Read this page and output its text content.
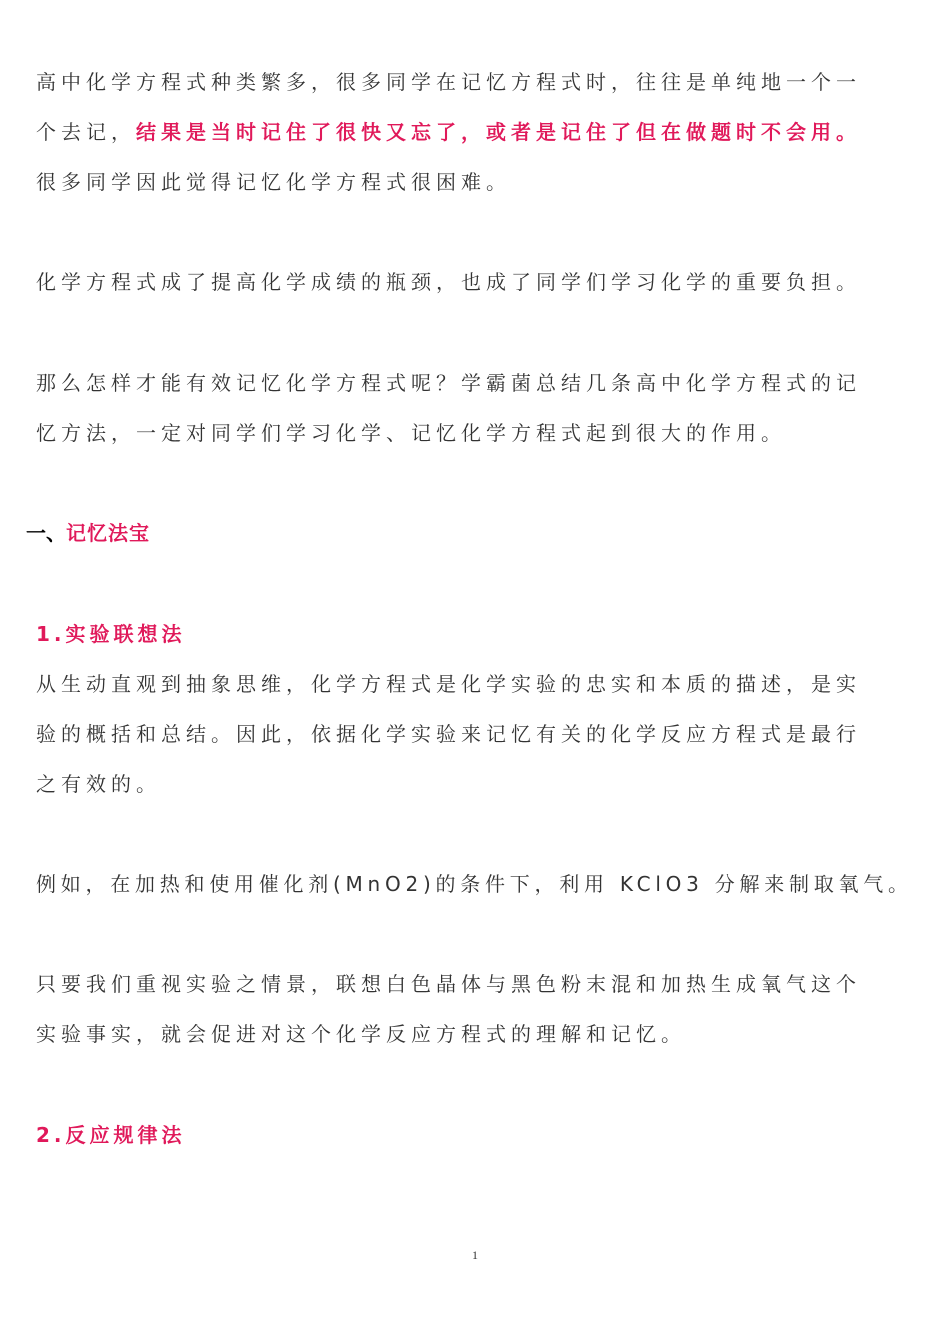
高中化学方程式种类繁多，很多同学在记忆方程式时，往往是单纯地一个一
个去记，结果是当时记住了很快又忘了，或者是记住了但在做题时不会用。
很多同学因此觉得记忆化学方程式很困难。
化学方程式成了提高化学成绩的瓶颈，也成了同学们学习化学的重要负担。
那么怎样才能有效记忆化学方程式呢？学霸菌总结几条高中化学方程式的记
忆方法，一定对同学们学习化学、记忆化学方程式起到很大的作用。
一、记忆法宝
1.实验联想法
从生动直观到抽象思维，化学方程式是化学实验的忠实和本质的描述，是实
验的概括和总结。因此，依据化学实验来记忆有关的化学反应方程式是最行
之有效的。
例如，在加热和使用催化剂(MnO2)的条件下，利用 KClO3 分解来制取氧气。
只要我们重视实验之情景，联想白色晶体与黑色粉末混和加热生成氧气这个
实验事实，就会促进对这个化学反应方程式的理解和记忆。
2.反应规律法
1
